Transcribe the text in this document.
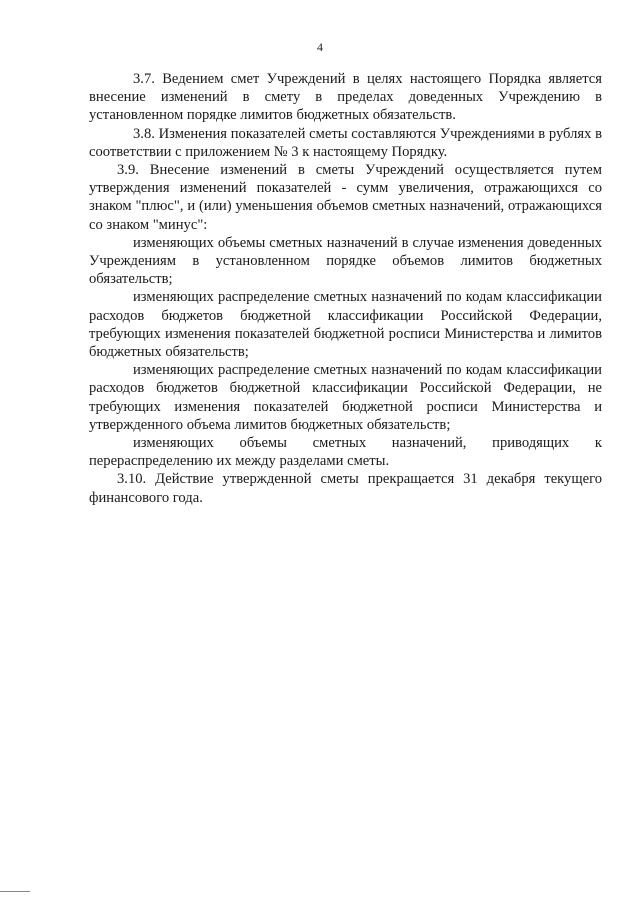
4

3.7. Ведением смет Учреждений в целях настоящего Порядка является внесение изменений в смету в пределах доведенных Учреждению в установленном порядке лимитов бюджетных обязательств.

3.8. Изменения показателей сметы составляются Учреждениями в рублях в соответствии с приложением № 3 к настоящему Порядку.

3.9. Внесение изменений в сметы Учреждений осуществляется путем утверждения изменений показателей - сумм увеличения, отражающихся со знаком "плюс", и (или) уменьшения объемов сметных назначений, отражающихся со знаком "минус":

изменяющих объемы сметных назначений в случае изменения доведенных Учреждениям в установленном порядке объемов лимитов бюджетных обязательств;

изменяющих распределение сметных назначений по кодам классификации расходов бюджетов бюджетной классификации Российской Федерации, требующих изменения показателей бюджетной росписи Министерства и лимитов бюджетных обязательств;

изменяющих распределение сметных назначений по кодам классификации расходов бюджетов бюджетной классификации Российской Федерации, не требующих изменения показателей бюджетной росписи Министерства и утвержденного объема лимитов бюджетных обязательств;

изменяющих объемы сметных назначений, приводящих к перераспределению их между разделами сметы.

3.10. Действие утвержденной сметы прекращается 31 декабря текущего финансового года.
